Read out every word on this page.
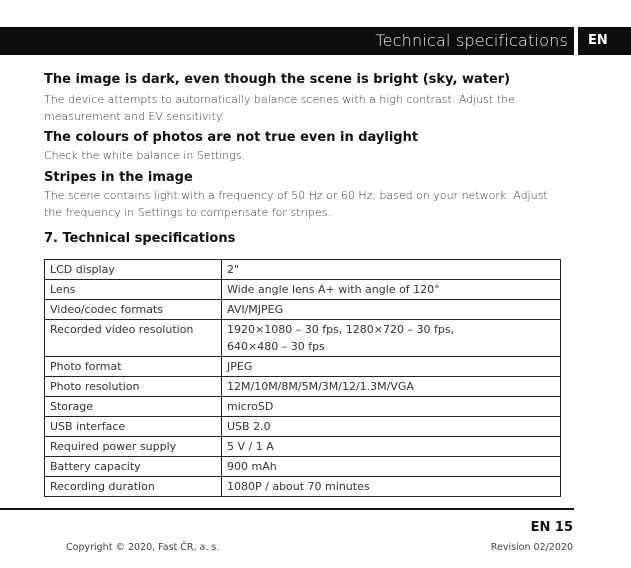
Technical specifications	EN
The image is dark, even though the scene is bright (sky, water)
The device attempts to automatically balance scenes with a high contrast. Adjust the measurement and EV sensitivity.
The colours of photos are not true even in daylight
Check the white balance in Settings.
Stripes in the image
The scene contains light with a frequency of 50 Hz or 60 Hz, based on your network. Adjust the frequency in Settings to compensate for stripes.
7. Technical specifications
LCD display	2"
Lens	Wide angle lens A+ with angle of 120°
Video/codec formats	AVI/MJPEG
Recorded video resolution	1920×1080 – 30 fps, 1280×720 – 30 fps,
640×480 – 30 fps

Photo format	JPEG
Photo resolution	12M/10M/8M/5M/3M/12/1.3M/VGA
Storage	microSD
USB interface	USB 2.0
Required power supply	5 V / 1 A
Battery capacity	900 mAh
Recording duration	1080P / about 70 minutes
EN 15
Copyright © 2020, Fast ČR, a. s.	Revision 02/2020
